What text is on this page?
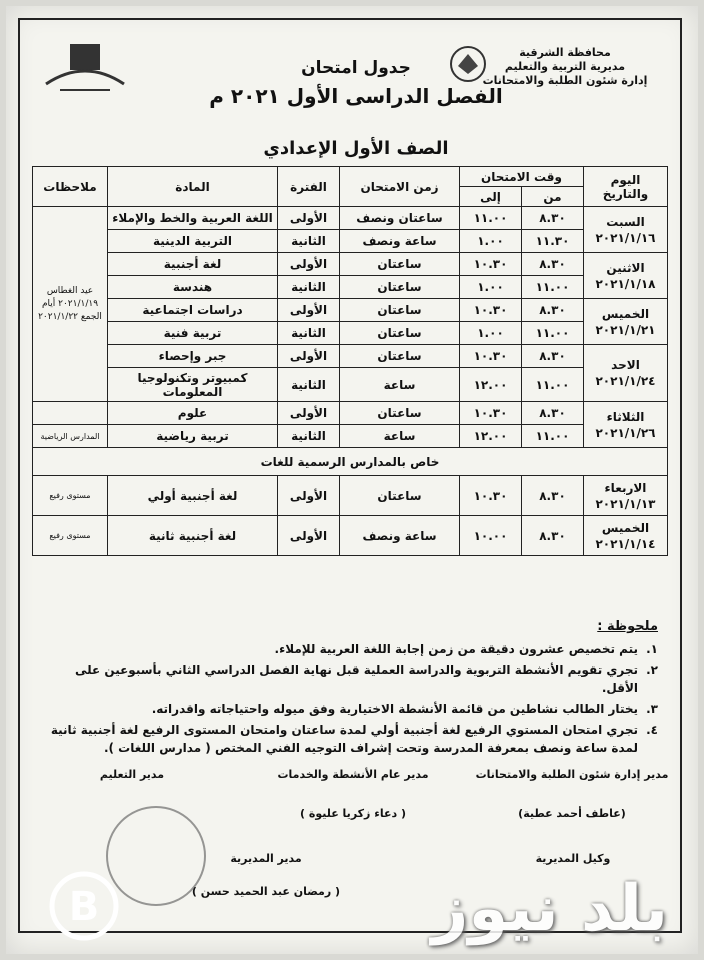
محافظة الشرقية
مديرية التربية والتعليم
إدارة شئون الطلبة والامتحانات
جدول امتحان
الفصل الدراسى الأول ٢٠٢١ م
الصف الأول الإعدادي
اليوم والتاريخ	وقت الامتحان		زمن الامتحان	الفترة	المادة	ملاحظات
	من	إلى				
السبت ٢٠٢١/١/١٦	٨.٣٠	١١.٠٠	ساعتان ونصف	الأولى	اللغة العربية والخط والإملاء	عيد الغطاس ٢٠٢١/١/١٩ أيام الجمع ٢٠٢١/١/٢٢
	١١.٣٠	١.٠٠	ساعة ونصف	الثانية	التربية الدينية	
الاثنين ٢٠٢١/١/١٨	٨.٣٠	١٠.٣٠	ساعتان	الأولى	لغة أجنبية	
	١١.٠٠	١.٠٠	ساعتان	الثانية	هندسة	
الخميس ٢٠٢١/١/٢١	٨.٣٠	١٠.٣٠	ساعتان	الأولى	دراسات اجتماعية	
	١١.٠٠	١.٠٠	ساعتان	الثانية	تربية فنية	
الاحد ٢٠٢١/١/٢٤	٨.٣٠	١٠.٣٠	ساعتان	الأولى	جبر وإحصاء	
	١١.٠٠	١٢.٠٠	ساعة	الثانية	كمبيوتر وتكنولوجيا المعلومات	
الثلاثاء ٢٠٢١/١/٢٦	٨.٣٠	١٠.٣٠	ساعتان	الأولى	علوم	
	١١.٠٠	١٢.٠٠	ساعة	الثانية	تربية رياضية	المدارس الرياضية
خاص بالمدارس الرسمية للغات						
الاربعاء ٢٠٢١/١/١٣	٨.٣٠	١٠.٣٠	ساعتان	الأولى	لغة أجنبية أولي	مستوى رفيع
الخميس ٢٠٢١/١/١٤	٨.٣٠	١٠.٠٠	ساعة ونصف	الأولى	لغة أجنبية ثانية	مستوى رفيع
ملحوظة :
١.
يتم تخصيص عشرون دقيقة من زمن إجابة اللغة العربية للإملاء.
٢.
تجري تقويم الأنشطة التربوية والدراسة العملية قبل نهاية الفصل الدراسي الثاني بأسبوعين على الأقل.
٣.
يختار الطالب نشاطين من قائمة الأنشطة الاختيارية وفق ميوله واحتياجاته واقدراته.
٤.
تجري امتحان المستوي الرفيع لغة أجنبية أولي لمدة ساعتان وامتحان المستوى الرفيع لغة أجنبية ثانية لمدة ساعة ونصف بمعرفة المدرسة وتحت إشراف التوجيه الفني المختص ( مدارس اللغات ).
مدير إدارة شئون الطلبة والامتحانات
(عاطف أحمد عطية)
مدير عام الأنشطة والخدمات
( دعاء زكريا عليوة )
مدير التعليم
وكيل المديرية
مدير المديرية
( رمضان عبد الحميد حسن )
B	بلد نيوز
